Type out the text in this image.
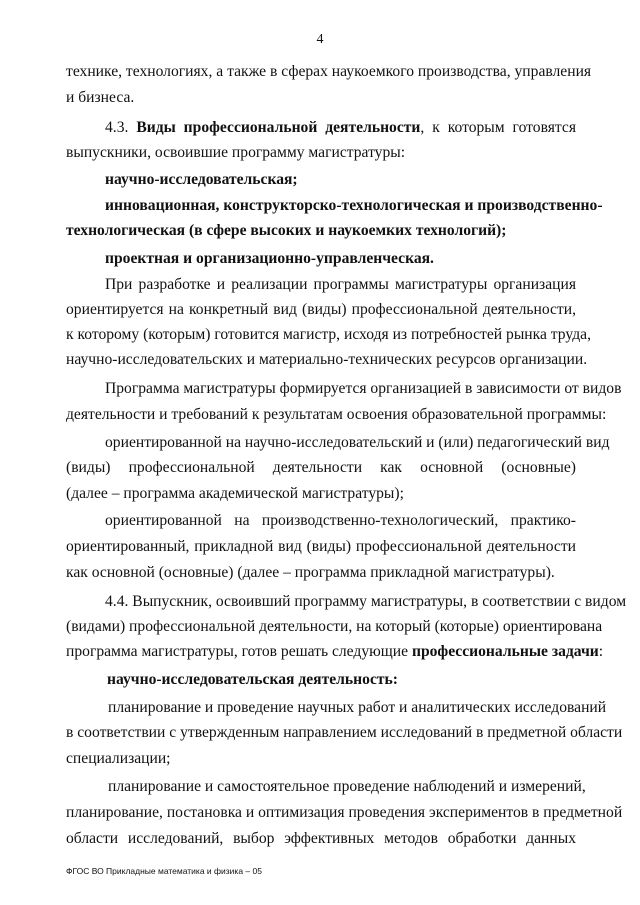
4
технике, технологиях, а также в сферах наукоемкого производства, управления
и бизнеса.
4.3. Виды профессиональной деятельности, к которым готовятся
выпускники, освоившие программу магистратуры:
научно-исследовательская;
инновационная, конструкторско-технологическая и производственно-
технологическая (в сфере высоких и наукоемких технологий);
проектная и организационно-управленческая.
При разработке и реализации программы магистратуры организация
ориентируется на конкретный вид (виды) профессиональной деятельности,
к которому (которым) готовится магистр, исходя из потребностей рынка труда,
научно-исследовательских и материально-технических ресурсов организации.
Программа магистратуры формируется организацией в зависимости от видов
деятельности и требований к результатам освоения образовательной программы:
ориентированной на научно-исследовательский и (или) педагогический вид
(виды) профессиональной деятельности как основной (основные)
(далее – программа академической магистратуры);
ориентированной на производственно-технологический, практико-
ориентированный, прикладной вид (виды) профессиональной деятельности
как основной (основные) (далее – программа прикладной магистратуры).
4.4. Выпускник, освоивший программу магистратуры, в соответствии с видом
(видами) профессиональной деятельности, на который (которые) ориентирована
программа магистратуры, готов решать следующие профессиональные задачи:
научно-исследовательская деятельность:
планирование и проведение научных работ и аналитических исследований
в соответствии с утвержденным направлением исследований в предметной области
специализации;
планирование и самостоятельное проведение наблюдений и измерений,
планирование, постановка и оптимизация проведения экспериментов в предметной
области исследований, выбор эффективных методов обработки данных
ФГОС ВО Прикладные математика и физика – 05
